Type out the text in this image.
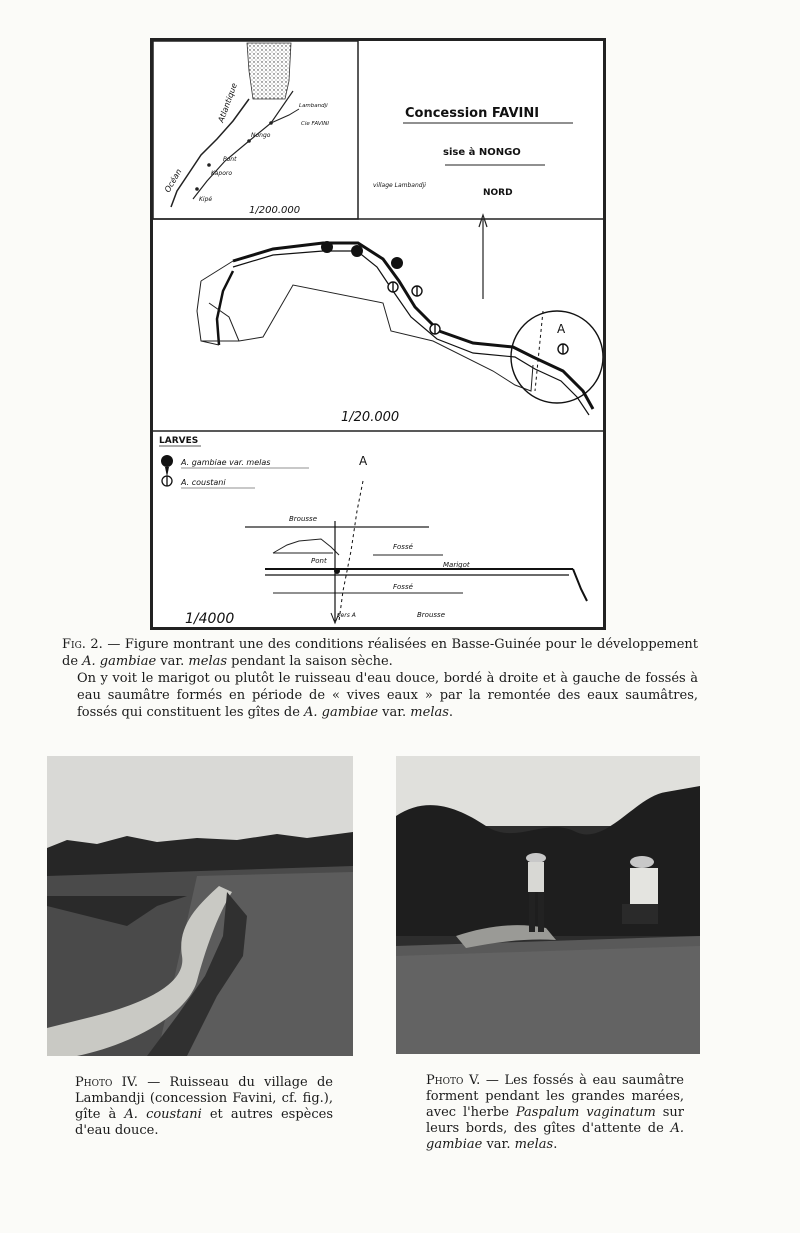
Atlantique
Océan
Kipé
Kaporo
Pont
Nongo
Lambandji
Cie FAVINI
1/200.000
Concession FAVINI
sise à NONGO
village Lambandji
NORD
A
1/20.000
LARVES
A. gambiae var. melas
A. coustani
A
Brousse
Fossé
Pont	Marigot
Fossé
Brousse
vers A
1/4000

Fig. 2. — Figure montrant une des conditions réalisées en Basse-Guinée pour le développement de A. gambiae var. melas pendant la saison sèche.

On y voit le marigot ou plutôt le ruisseau d'eau douce, bordé à droite et à gauche de fossés à eau saumâtre formés en période de « vives eaux » par la remontée des eaux saumâtres, fossés qui constituent les gîtes de A. gambiae var. melas.

Photo IV. — Ruisseau du village de Lambandji (concession Favini, cf. fig.), gîte à A. coustani et autres espèces d'eau douce.
Photo V. — Les fossés à eau saumâtre forment pendant les grandes marées, avec l'herbe Paspalum vaginatum sur leurs bords, des gîtes d'attente de A. gambiae var. melas.
